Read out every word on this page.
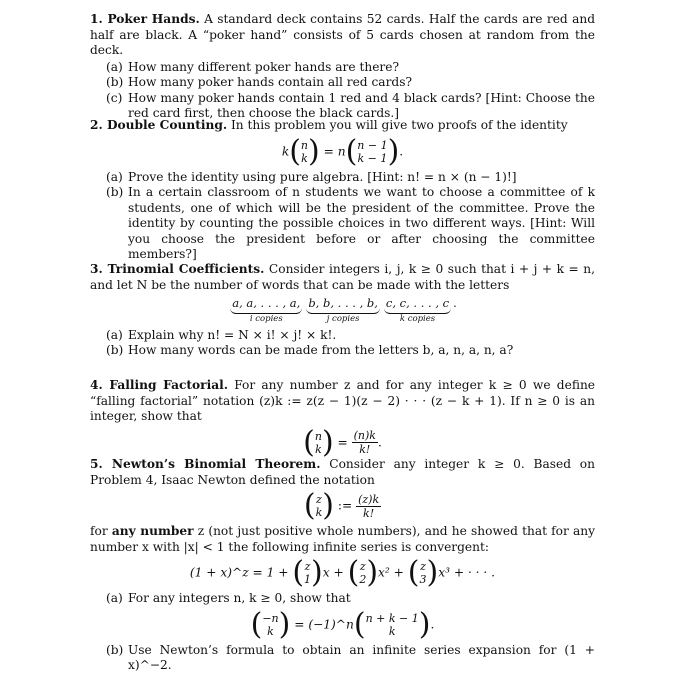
1. Poker Hands. A standard deck contains 52 cards. Half the cards are red and half are black. A “poker hand” consists of 5 cards chosen at random from the deck.

(a) How many different poker hands are there?
(b) How many poker hands contain all red cards?
(c) How many poker hands contain 1 red and 4 black cards? [Hint: Choose the red card first, then choose the black cards.]

2. Double Counting. In this problem you will give two proofs of the identity

k(n
k) = n(n − 1
k − 1).
(a) Prove the identity using pure algebra. [Hint: n! = n × (n − 1)!]
(b) In a certain classroom of n students we want to choose a committee of k students, one of which will be the president of the committee. Prove the identity by counting the possible choices in two different ways. [Hint: Will you choose the president before or after choosing the committee members?]

3. Trinomial Coefficients. Consider integers i, j, k ≥ 0 such that i + j + k = n, and let N be the number of words that can be made with the letters

a, a, . . . , a,
i copies
b, b, . . . , b,
j copies
c, c, . . . , c
k copies
.
(a) Explain why n! = N × i! × j! × k!.
(b) How many words can be made from the letters b, a, n, a, n, a?

4. Falling Factorial. For any number z and for any integer k ≥ 0 we define “falling factorial” notation (z)k := z(z − 1)(z − 2) · · · (z − k + 1). If n ≥ 0 is an integer, show that

(n
$k) = \frac{(n)k}{k!}$ .

5. Newton’s Binomial Theorem. Consider any integer k ≥ 0. Based on Problem 4, Isaac Newton defined the notation

(z
k) := $\frac{(z)k}{k!}$

for any number z (not just positive whole numbers), and he showed that for any number x with |x| < 1 the following infinite series is convergent:

(1 + x)^z = 1 + (z
1)x + (z
2)x² + (z
3)x³ + · · · .
(a) For any integers n, k ≥ 0, show that
(−n
k ) = (−1)^n(n + k − 1
k ).
(b) Use Newton’s formula to obtain an infinite series expansion for (1 + x)^−2.
